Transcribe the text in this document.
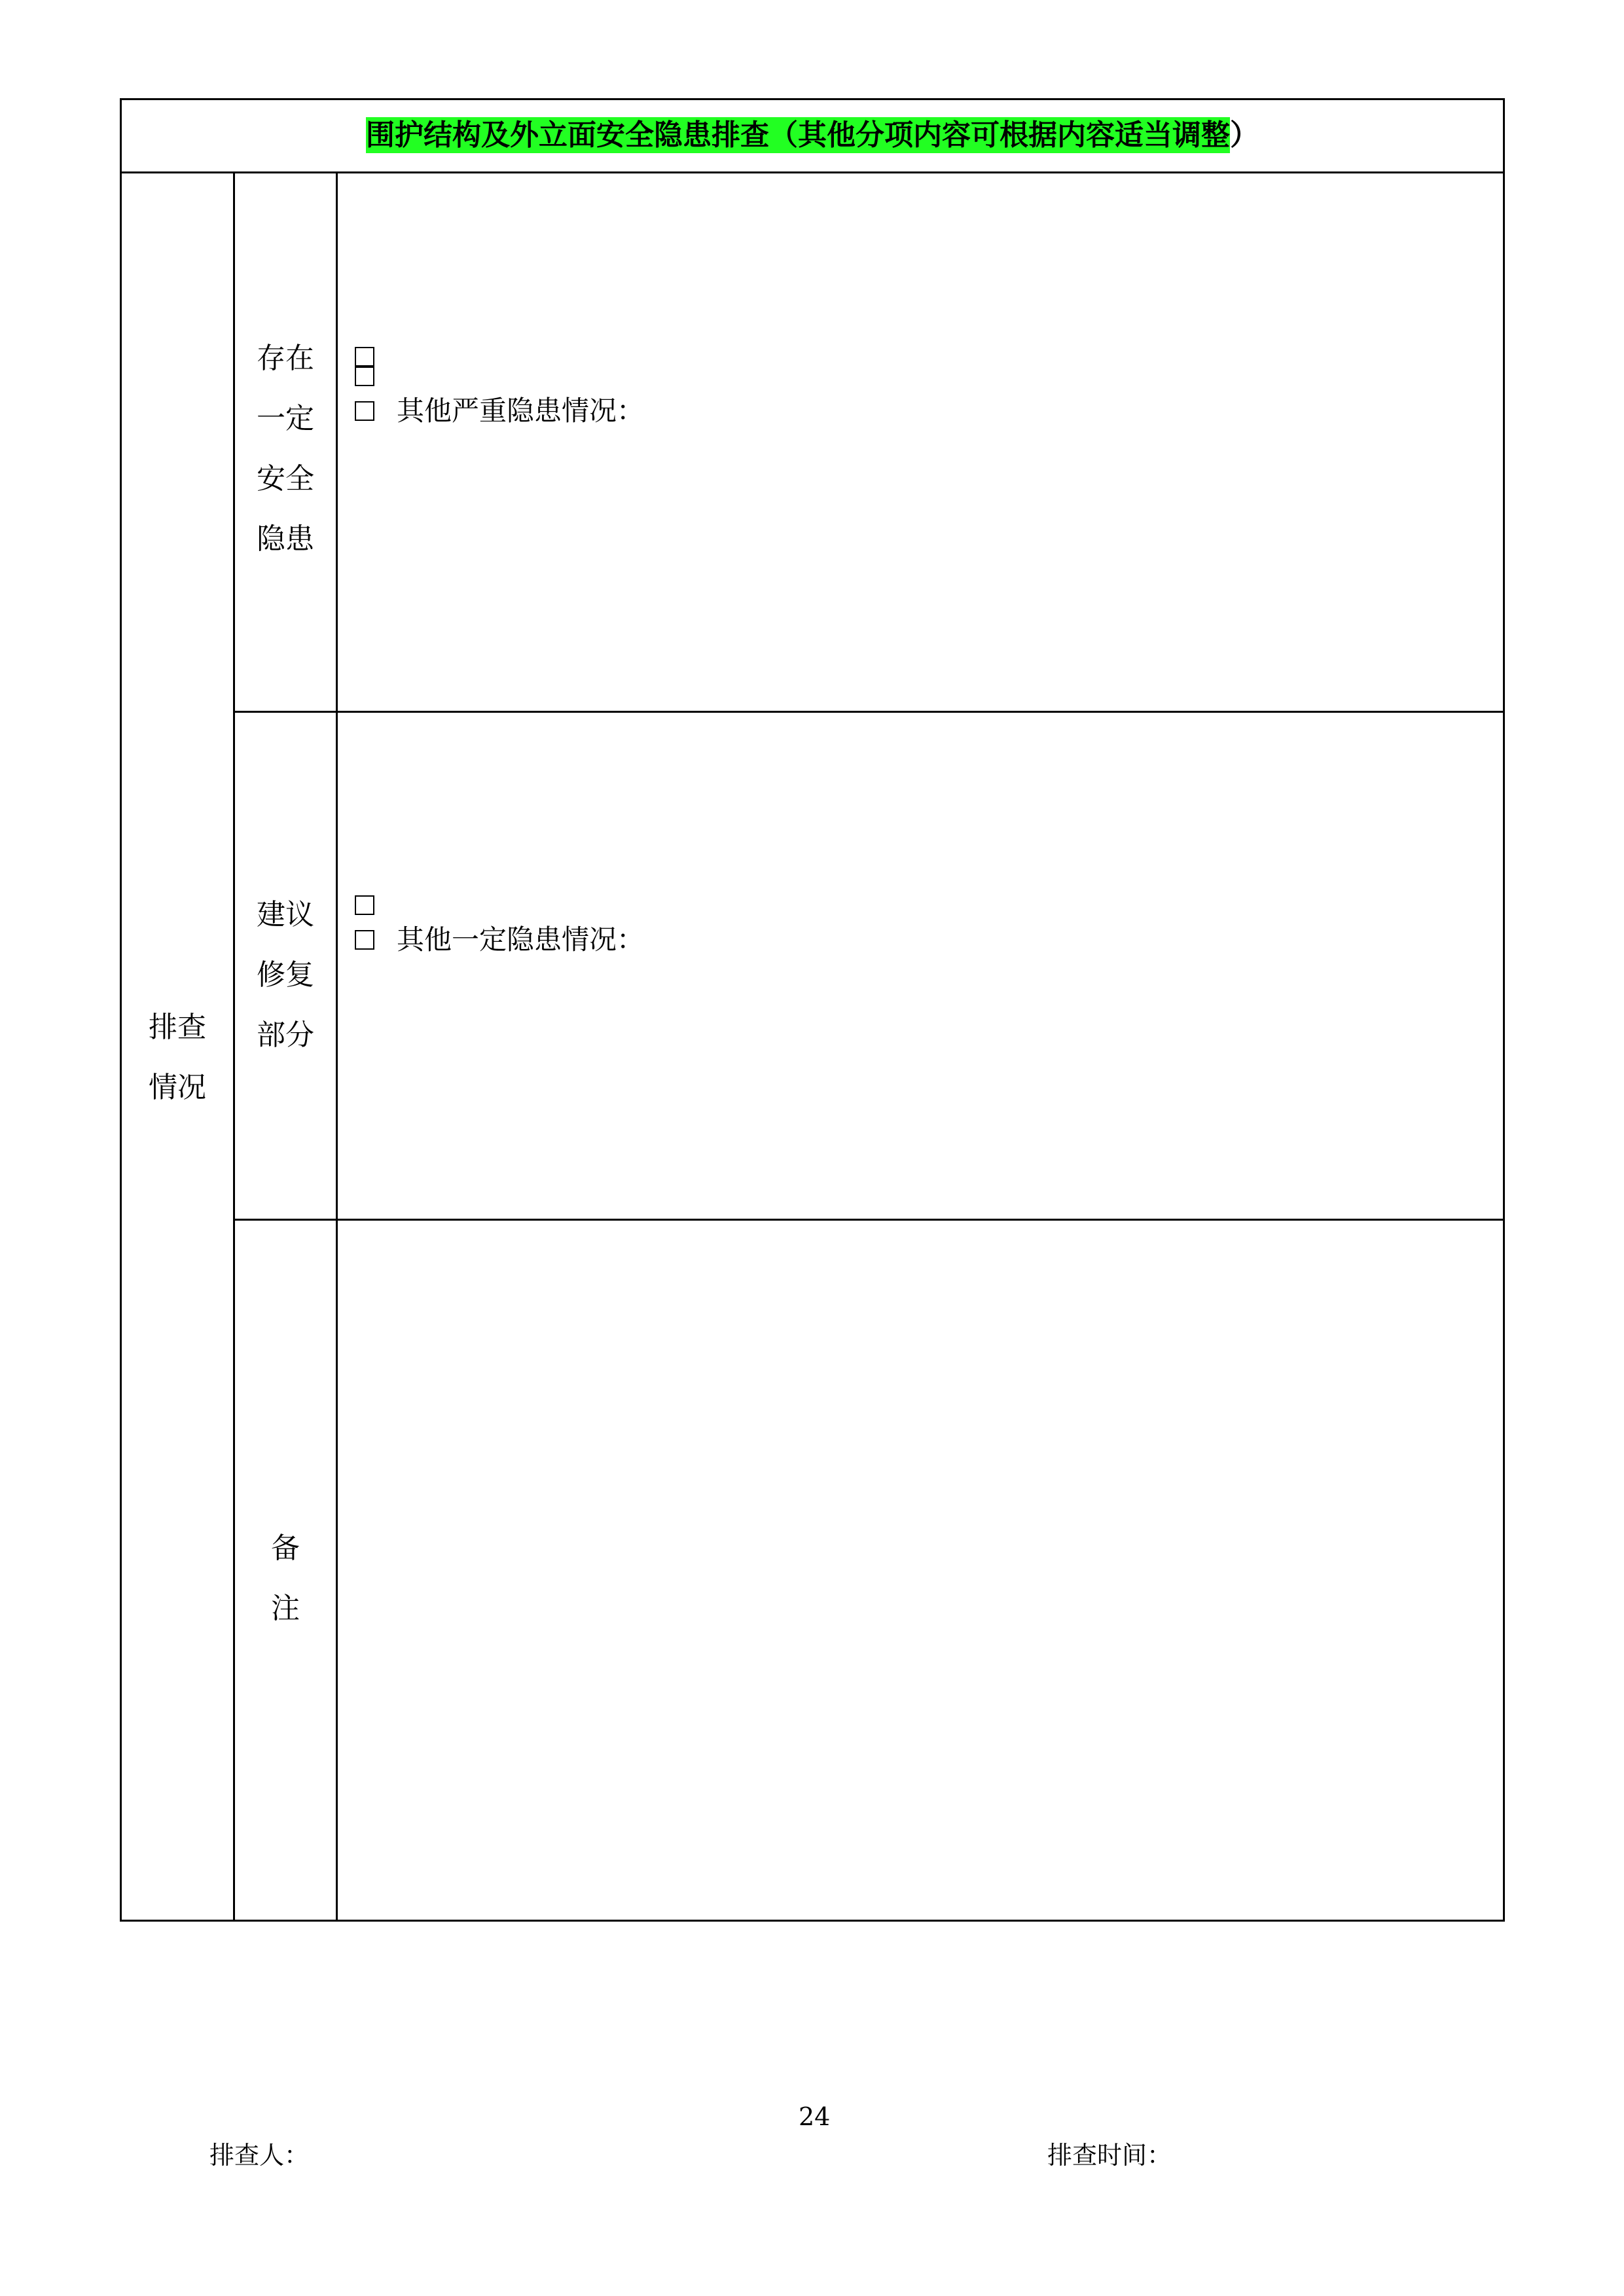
围护结构及外立面安全隐患排查（其他分项内容可根据内容适当调整）
排查
情况
存在
一定
安全
隐患
其他严重隐患情况：
建议
修复
部分
其他一定隐患情况：
备
注
24
排查人：	排查时间：
